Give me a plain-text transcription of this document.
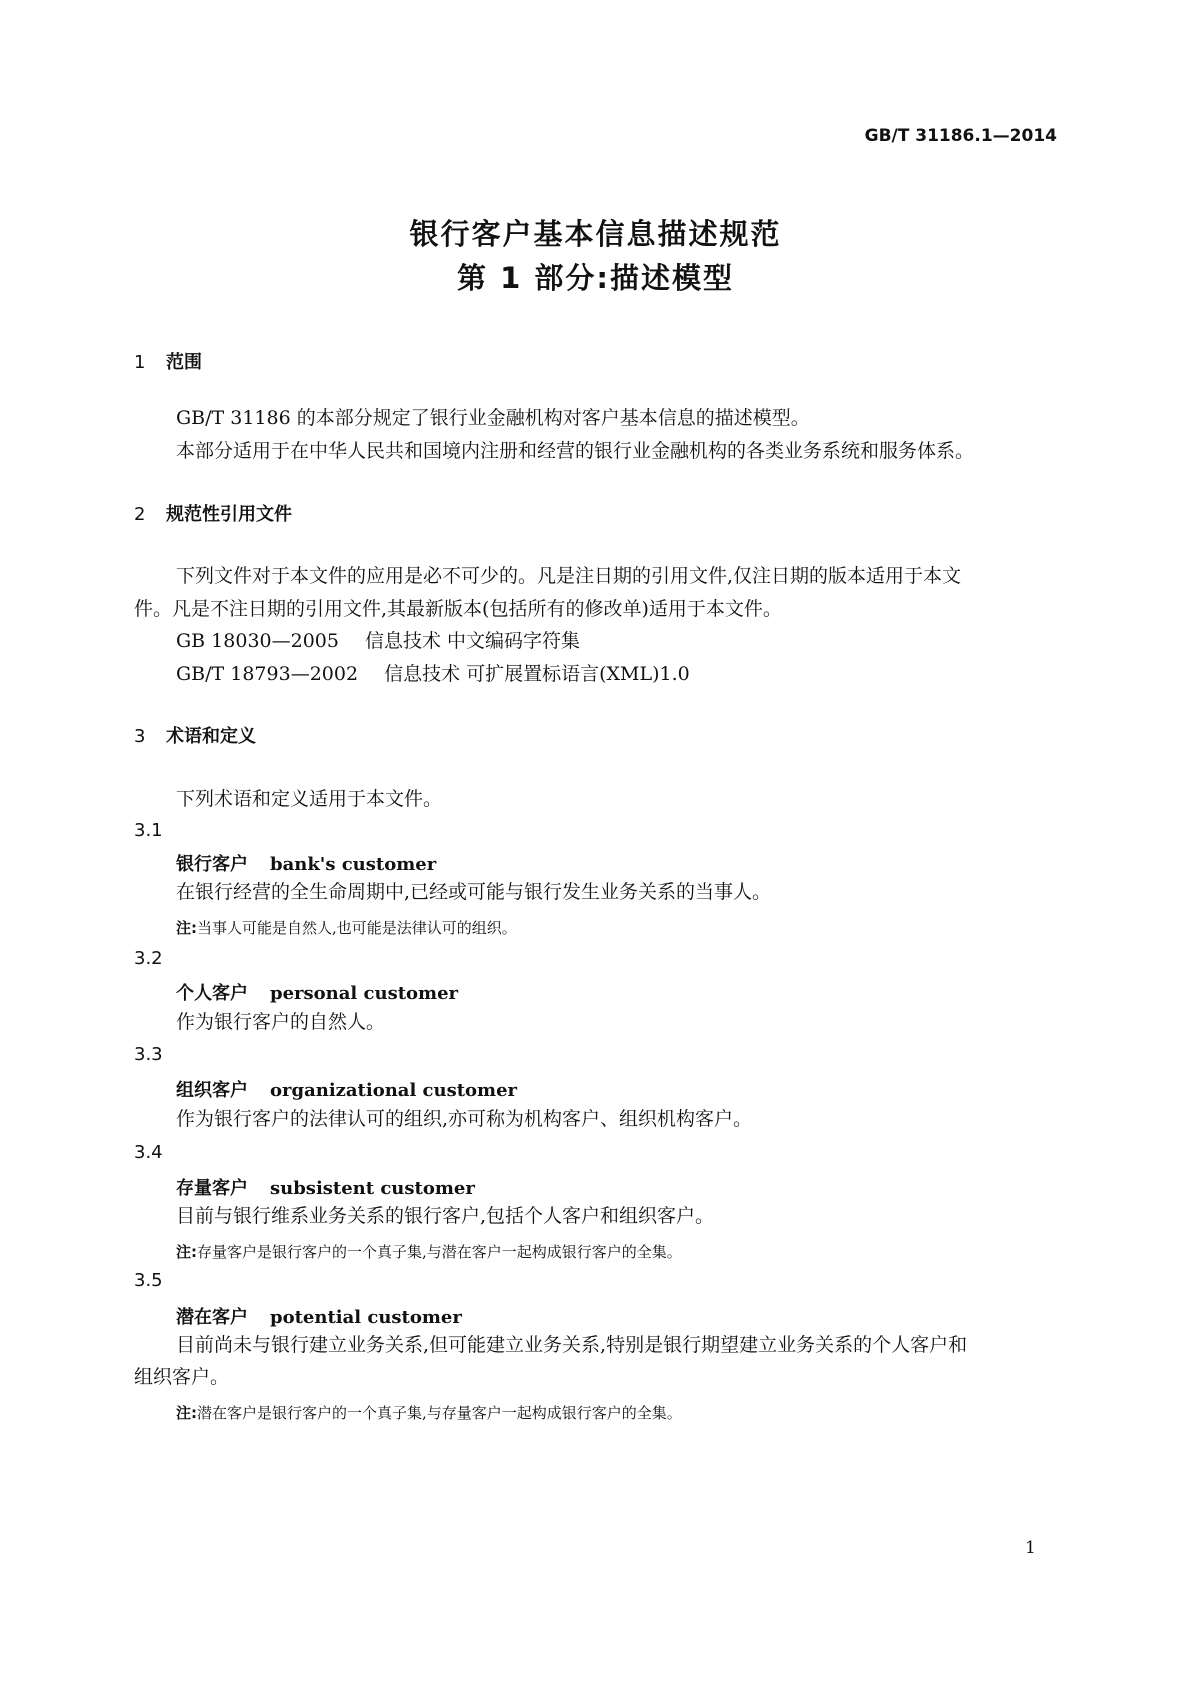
GB/T 31186.1—2014
银行客户基本信息描述规范
第 1 部分:描述模型
1 范围
GB/T 31186 的本部分规定了银行业金融机构对客户基本信息的描述模型。
本部分适用于在中华人民共和国境内注册和经营的银行业金融机构的各类业务系统和服务体系。
2 规范性引用文件
下列文件对于本文件的应用是必不可少的。凡是注日期的引用文件,仅注日期的版本适用于本文
件。凡是不注日期的引用文件,其最新版本(包括所有的修改单)适用于本文件。
GB 18030—2005 信息技术 中文编码字符集
GB/T 18793—2002 信息技术 可扩展置标语言(XML)1.0
3 术语和定义
下列术语和定义适用于本文件。
3.1
银行客户 bank's customer
在银行经营的全生命周期中,已经或可能与银行发生业务关系的当事人。
注:当事人可能是自然人,也可能是法律认可的组织。
3.2
个人客户 personal customer
作为银行客户的自然人。
3.3
组织客户 organizational customer
作为银行客户的法律认可的组织,亦可称为机构客户、组织机构客户。
3.4
存量客户 subsistent customer
目前与银行维系业务关系的银行客户,包括个人客户和组织客户。
注:存量客户是银行客户的一个真子集,与潜在客户一起构成银行客户的全集。
3.5
潜在客户 potential customer
目前尚未与银行建立业务关系,但可能建立业务关系,特别是银行期望建立业务关系的个人客户和
组织客户。
注:潜在客户是银行客户的一个真子集,与存量客户一起构成银行客户的全集。
1
